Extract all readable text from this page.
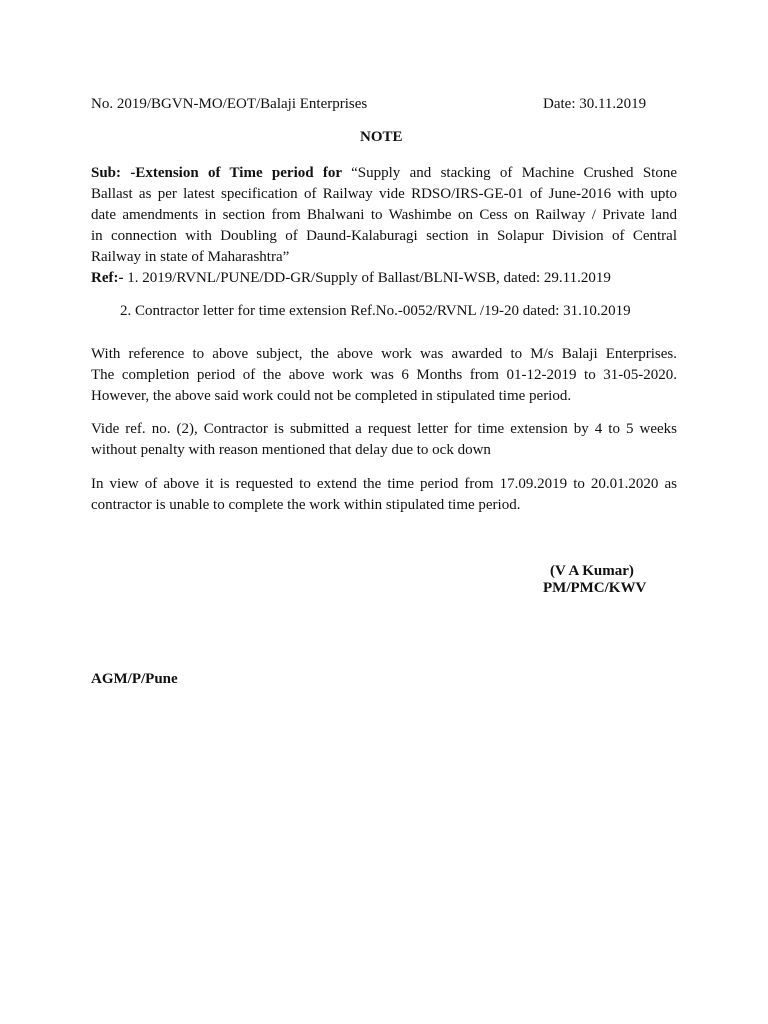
No. 2019/BGVN-MO/EOT/Balaji Enterprises	Date: 30.11.2019
NOTE
Sub: -Extension of Time period for “Supply and stacking of Machine Crushed Stone
Ballast as per latest specification of Railway vide RDSO/IRS-GE-01 of June-2016 with upto
date amendments in section from Bhalwani to Washimbe on Cess on Railway / Private land
in connection with Doubling of Daund-Kalaburagi section in Solapur Division of Central
Railway in state of Maharashtra”
Ref:- 1. 2019/RVNL/PUNE/DD-GR/Supply of Ballast/BLNI-WSB, dated: 29.11.2019
2. Contractor letter for time extension Ref.No.-0052/RVNL /19-20 dated: 31.10.2019
With reference to above subject, the above work was awarded to M/s Balaji Enterprises.
The completion period of the above work was 6 Months from 01-12-2019 to 31-05-2020.
However, the above said work could not be completed in stipulated time period.
Vide ref. no. (2), Contractor is submitted a request letter for time extension by 4 to 5 weeks
without penalty with reason mentioned that delay due to ock down
In view of above it is requested to extend the time period from 17.09.2019 to 20.01.2020 as
contractor is unable to complete the work within stipulated time period.
(V A Kumar)
PM/PMC/KWV
AGM/P/Pune
